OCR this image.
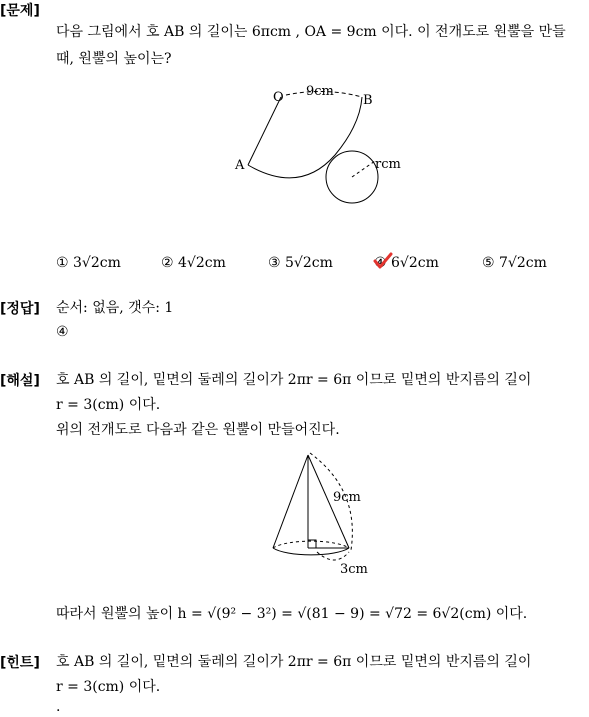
[문제]
다음 그림에서 호 AB 의 길이는 6πcm , OA = 9cm 이다. 이 전개도로 원뿔을 만들
때, 원뿔의 높이는?
O 9cm
B
A	rcm
① 3√2cm	② 4√2cm	③ 5√2cm	④ 6√2cm	⑤ 7√2cm
[정답] 순서: 없음, 갯수: 1
④
[해설] 호 AB 의 길이, 밑면의 둘레의 길이가 2πr = 6π 이므로 밑면의 반지름의 길이
r = 3(cm) 이다.
위의 전개도로 다음과 같은 원뿔이 만들어진다.
9cm
3cm
따라서 원뿔의 높이 h = √(9² − 3²) = √(81 − 9) = √72 = 6√2(cm) 이다.
[힌트] 호 AB 의 길이, 밑면의 둘레의 길이가 2πr = 6π 이므로 밑면의 반지름의 길이
r = 3(cm) 이다.
.
